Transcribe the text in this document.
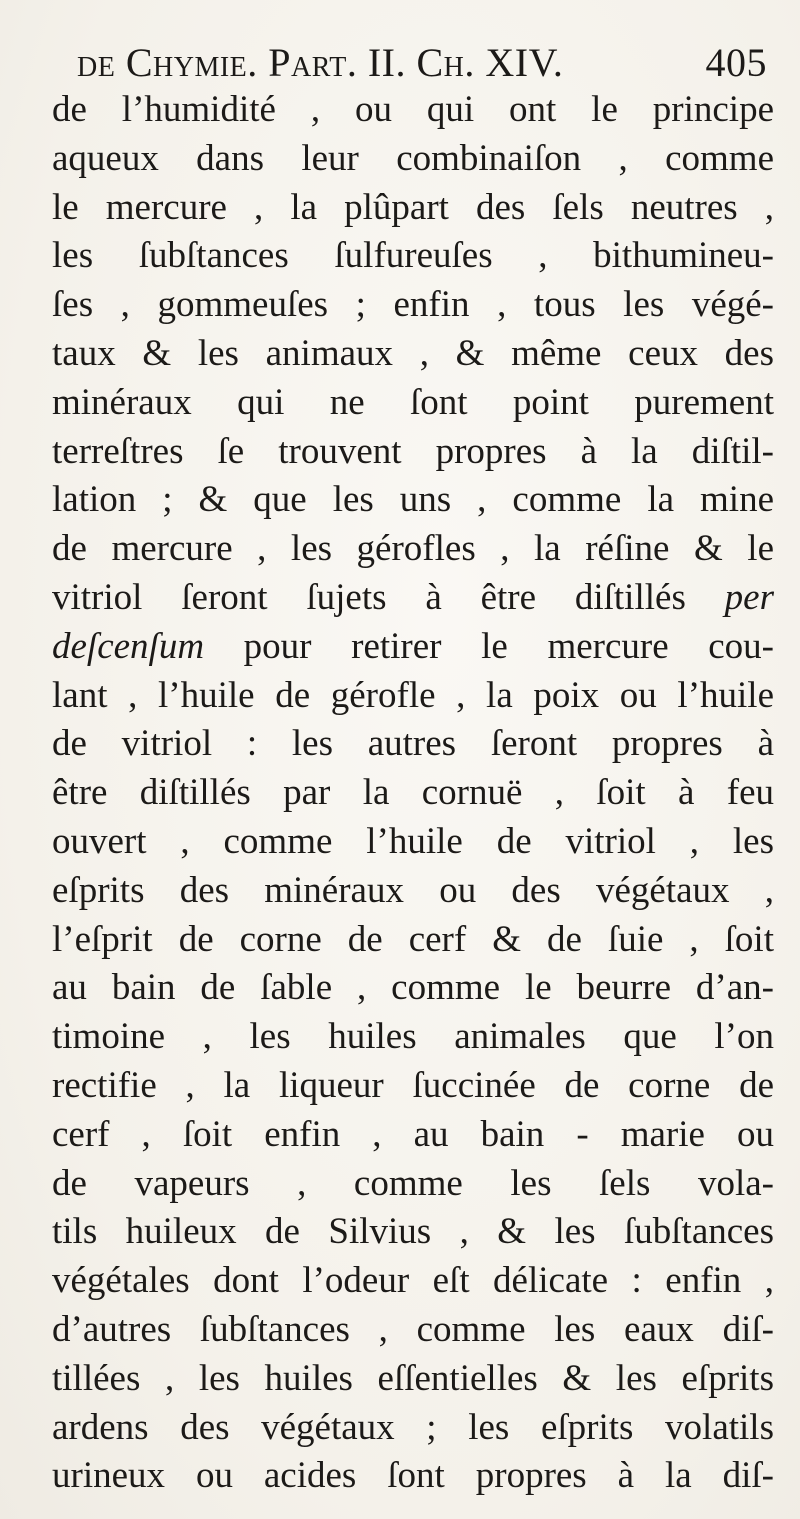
de Chymie. Part. II. Ch. XIV.	405
de l’humidité , ou qui ont le principe
aqueux dans leur combinaiſon , comme
le mercure , la plûpart des ſels neutres ,
les ſubſtances ſulfureuſes , bithumineu-
ſes , gommeuſes ; enfin , tous les végé-
taux & les animaux , & même ceux des
minéraux qui ne ſont point purement
terreſtres ſe trouvent propres à la diſtil-
lation ; & que les uns , comme la mine
de mercure , les gérofles , la réſine & le
vitriol ſeront ſujets à être diſtillés per
deſcenſum pour retirer le mercure cou-
lant , l’huile de gérofle , la poix ou l’huile
de vitriol : les autres ſeront propres à
être diſtillés par la cornuë , ſoit à feu
ouvert , comme l’huile de vitriol , les
eſprits des minéraux ou des végétaux ,
l’eſprit de corne de cerf & de ſuie , ſoit
au bain de ſable , comme le beurre d’an-
timoine , les huiles animales que l’on
rectifie , la liqueur ſuccinée de corne de
cerf , ſoit enfin , au bain - marie ou
de vapeurs , comme les ſels vola-
tils huileux de Silvius , & les ſubſtances
végétales dont l’odeur eſt délicate : enfin ,
d’autres ſubſtances , comme les eaux diſ-
tillées , les huiles eſſentielles & les eſprits
ardens des végétaux ; les eſprits volatils
urineux ou acides ſont propres à la diſ-
